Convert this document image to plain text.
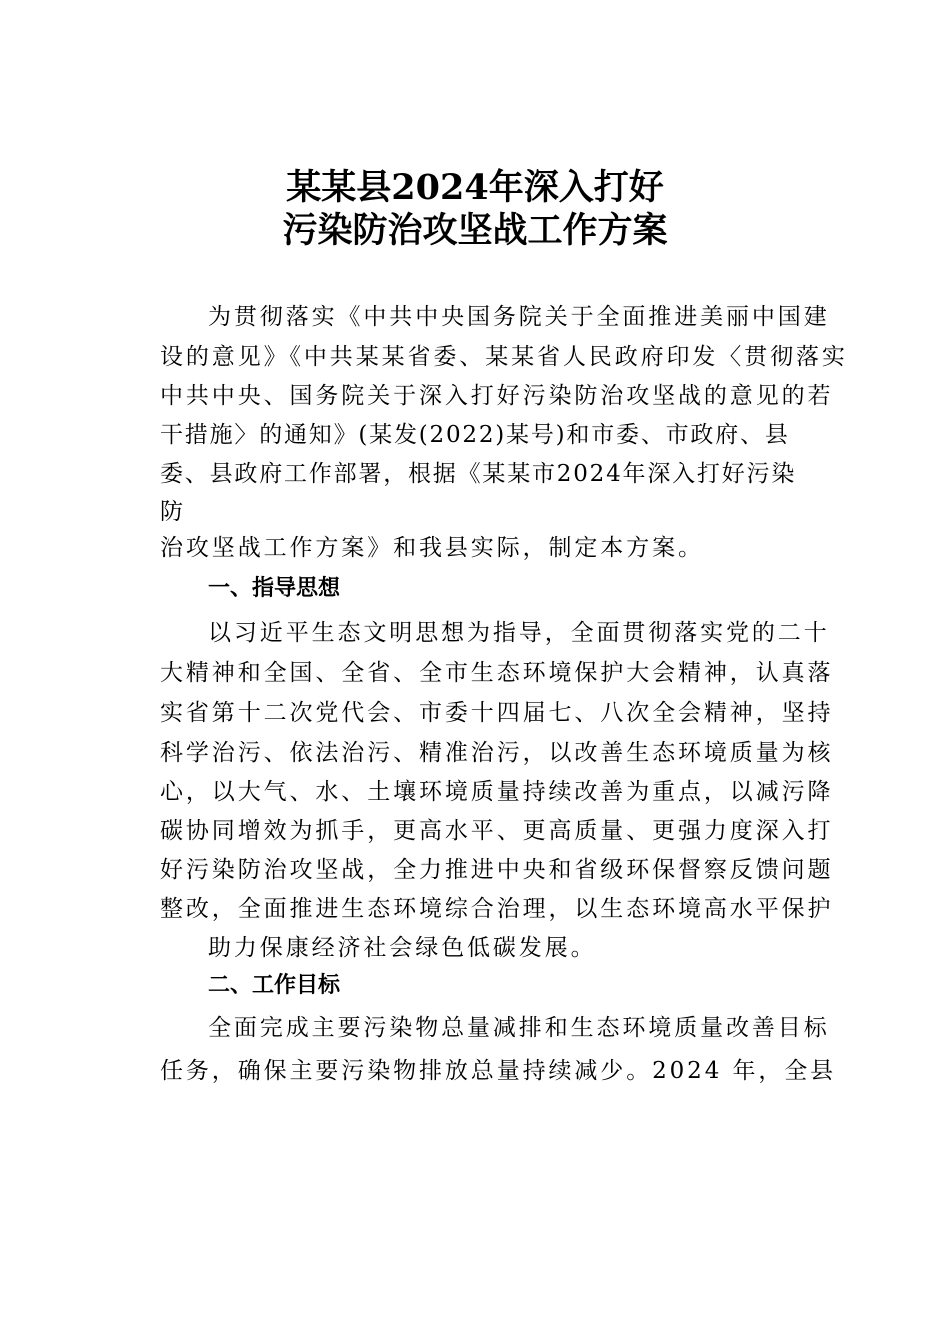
某某县2024年深入打好
污染防治攻坚战工作方案
为贯彻落实《中共中央国务院关于全面推进美丽中国建
设的意见》《中共某某省委、某某省人民政府印发〈贯彻落实
中共中央、国务院关于深入打好污染防治攻坚战的意见的若
干措施〉的通知》(某发(2022)某号)和市委、市政府、县
委、县政府工作部署，根据《某某市2024年深入打好污染
防
治攻坚战工作方案》和我县实际，制定本方案。
一、指导思想
以习近平生态文明思想为指导，全面贯彻落实党的二十
大精神和全国、全省、全市生态环境保护大会精神，认真落
实省第十二次党代会、市委十四届七、八次全会精神，坚持
科学治污、依法治污、精准治污，以改善生态环境质量为核
心，以大气、水、土壤环境质量持续改善为重点，以减污降
碳协同增效为抓手，更高水平、更高质量、更强力度深入打
好污染防治攻坚战，全力推进中央和省级环保督察反馈问题
整改，全面推进生态环境综合治理，以生态环境高水平保护
助力保康经济社会绿色低碳发展。
二、工作目标
全面完成主要污染物总量减排和生态环境质量改善目标
任务，确保主要污染物排放总量持续减少。2024 年，全县
